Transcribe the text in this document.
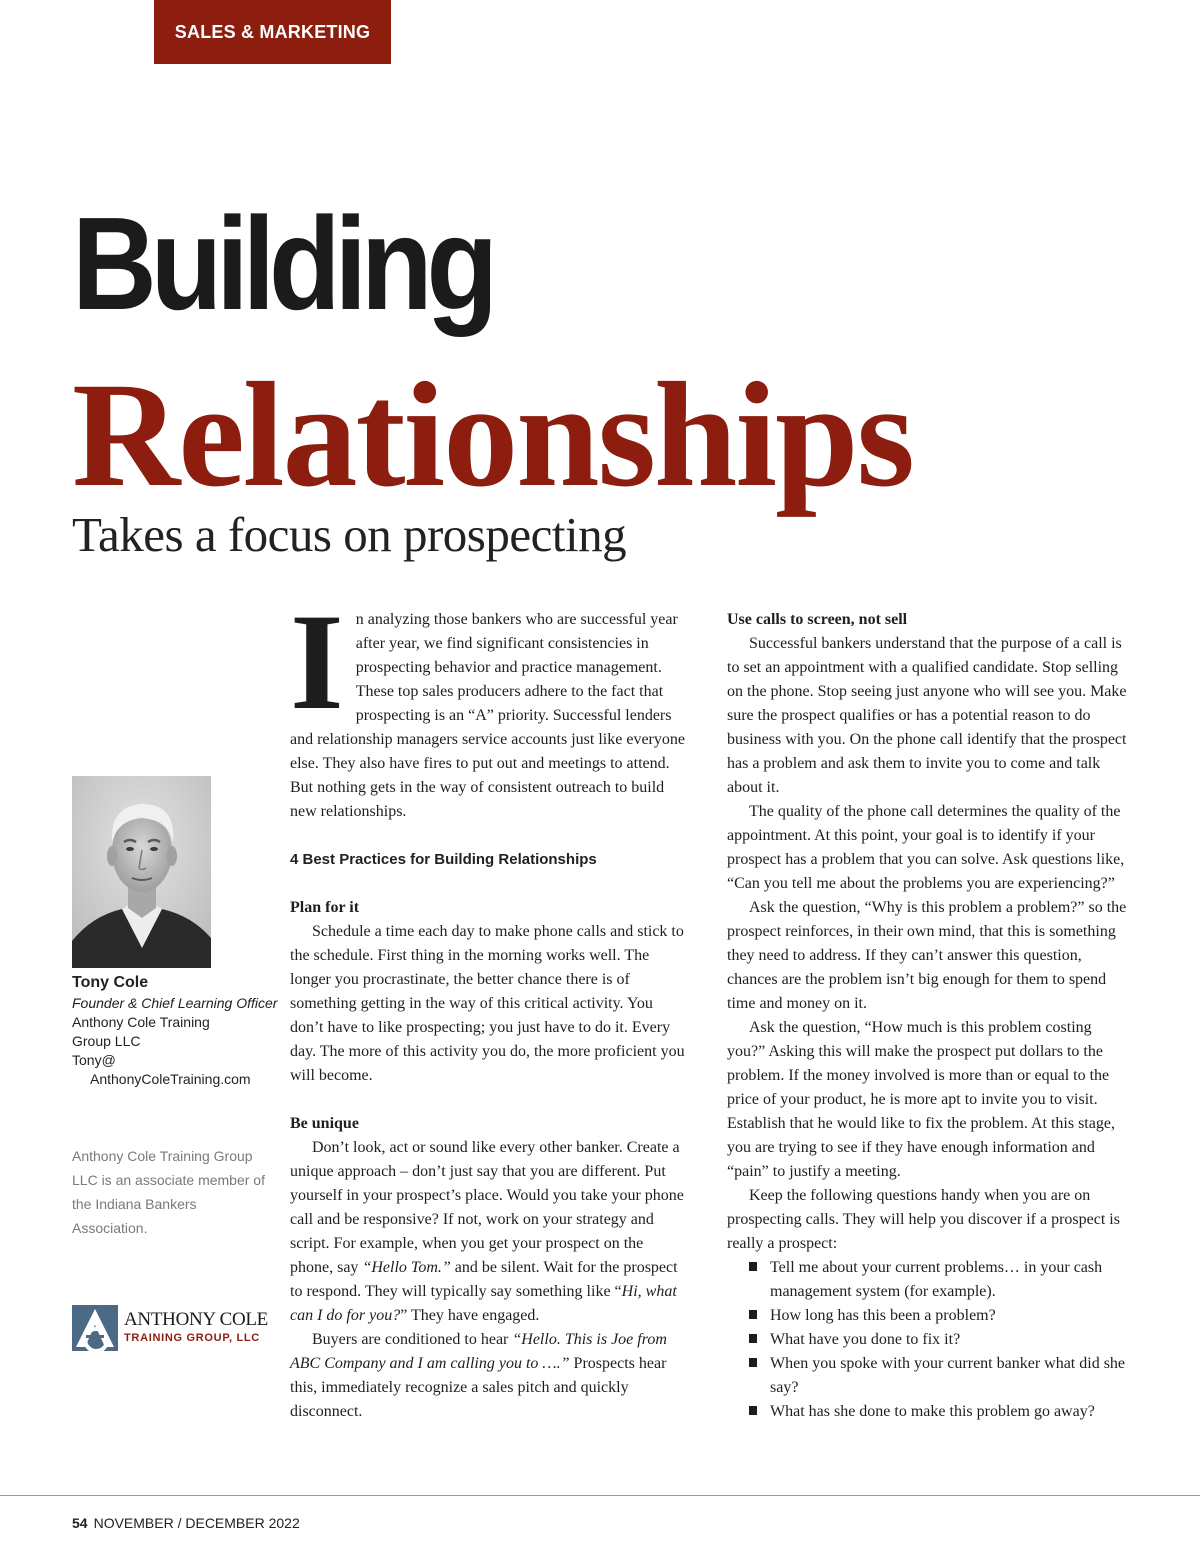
SALES & MARKETING
Building
Relationships
Takes a focus on prospecting
Tony Cole
Founder & Chief Learning Officer
Anthony Cole Training
Group LLC
Tony@
AnthonyColeTraining.com
Anthony Cole Training Group LLC is an associate member of the Indiana Bankers Association.
ANTHONY COLE
TRAINING GROUP, LLC

In analyzing those bankers who are successful year after year, we find significant consistencies in prospecting behavior and practice management. These top sales producers adhere to the fact that prospecting is an “A” priority. Successful lenders and relationship managers service accounts just like everyone else. They also have fires to put out and meetings to attend. But nothing gets in the way of consistent outreach to build new relationships.

4 Best Practices for Building Relationships

Plan for it

Schedule a time each day to make phone calls and stick to the schedule. First thing in the morning works well. The longer you procrastinate, the better chance there is of something getting in the way of this critical activity. You don’t have to like prospecting; you just have to do it. Every day. The more of this activity you do, the more proficient you will become.

Be unique

Don’t look, act or sound like every other banker. Create a unique approach – don’t just say that you are different. Put yourself in your prospect’s place. Would you take your phone call and be responsive? If not, work on your strategy and script. For example, when you get your prospect on the phone, say “Hello Tom.” and be silent. Wait for the prospect to respond. They will typically say something like “Hi, what can I do for you?” They have engaged.

Buyers are conditioned to hear “Hello. This is Joe from ABC Company and I am calling you to ….” Prospects hear this, immediately recognize a sales pitch and quickly disconnect.

Use calls to screen, not sell

Successful bankers understand that the purpose of a call is to set an appointment with a qualified candidate. Stop selling on the phone. Stop seeing just anyone who will see you. Make sure the prospect qualifies or has a potential reason to do business with you. On the phone call identify that the prospect has a problem and ask them to invite you to come and talk about it.

The quality of the phone call determines the quality of the appointment. At this point, your goal is to identify if your prospect has a problem that you can solve. Ask questions like, “Can you tell me about the problems you are experiencing?”

Ask the question, “Why is this problem a problem?” so the prospect reinforces, in their own mind, that this is something they need to address. If they can’t answer this question, chances are the problem isn’t big enough for them to spend time and money on it.

Ask the question, “How much is this problem costing you?” Asking this will make the prospect put dollars to the problem. If the money involved is more than or equal to the price of your product, he is more apt to invite you to visit. Establish that he would like to fix the problem. At this stage, you are trying to see if they have enough information and “pain” to justify a meeting.

Keep the following questions handy when you are on prospecting calls. They will help you discover if a prospect is really a prospect:

Tell me about your current problems… in your cash management system (for example).
How long has this been a problem?
What have you done to fix it?
When you spoke with your current banker what did she say?
What has she done to make this problem go away?
54 NOVEMBER / DECEMBER 2022
